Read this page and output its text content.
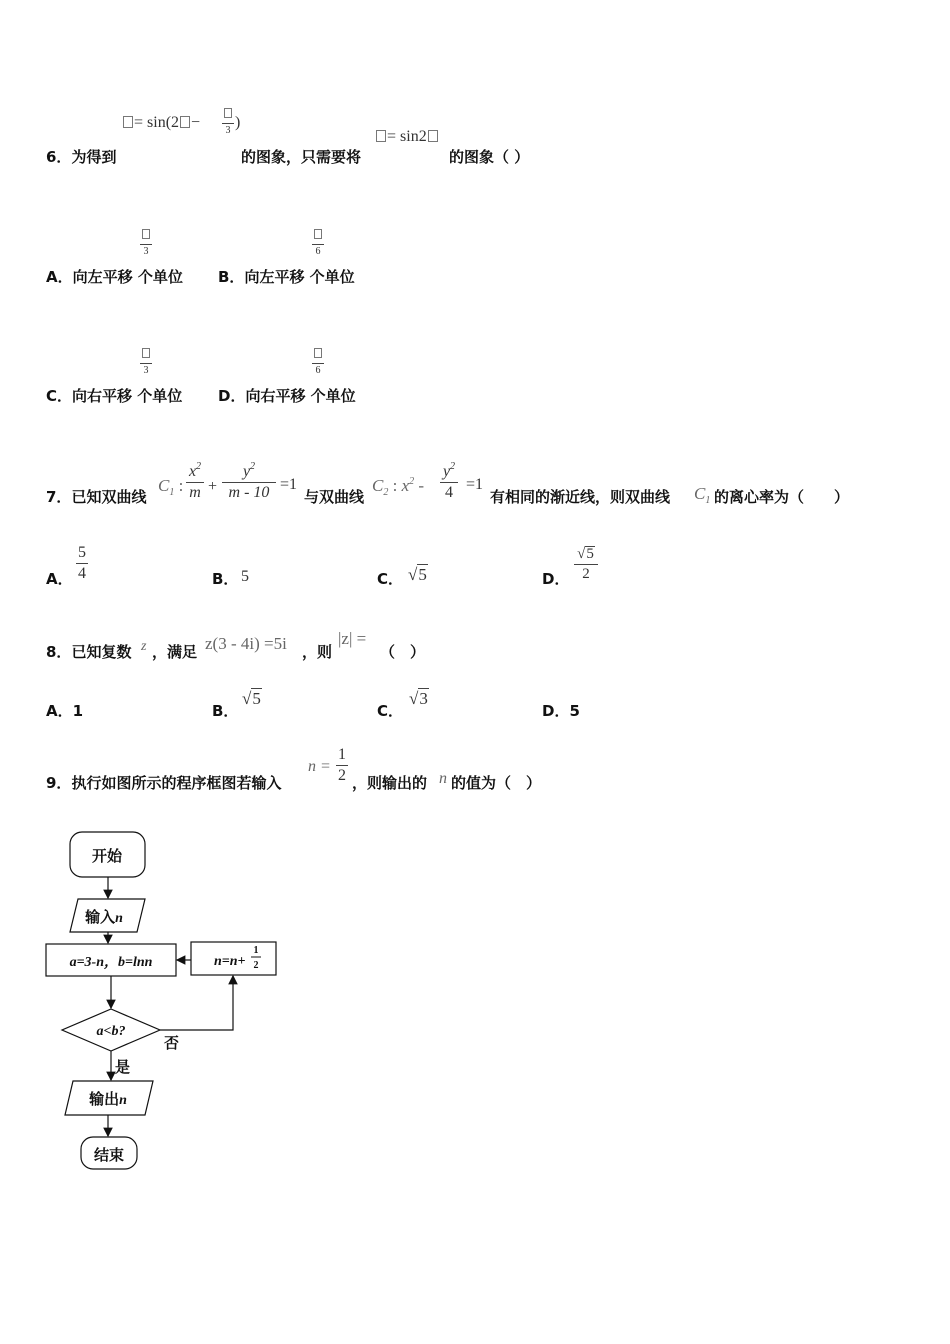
= sin(2 −	3 )
= sin2
6．为得到	的图象，只需要将	的图象（ ）
3
A．向左平移 个单位
6
B．向左平移 个单位
3
C．向右平移 个单位
6
D．向右平移 个单位
7．已知双曲线
$C_1$ :
$x^2$
m +
$y^2$
m - 10 =1
与双曲线
$C_2$ : $x^2$ -
$y^2$
4 =1
有相同的渐近线，则双曲线 $C_1$ 的离心率为（　　）
A．
5
4	B． 5	C． √5	D．
√5
2
8．已知复数 z ，满足 z(3 - 4i) =5i ，则
|z| =
（　）
A．1	B．
√5
C．
√3
D．5
9．执行如图所示的程序框图若输入
n =
1
2 ，则输出的 n 的值为（　）
开始
输入n
a=3-n，b=lnn	n=n+
1
2
a<b?
否
是
输出n
结束
